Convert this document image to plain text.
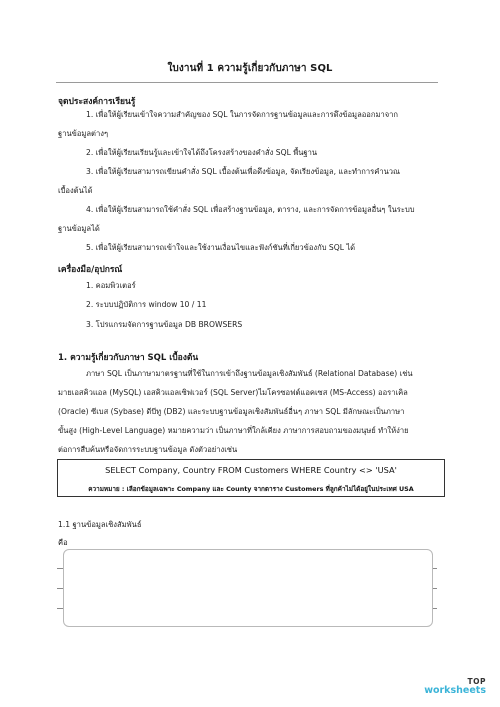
ใบงานที่ 1 ความรู้เกี่ยวกับภาษา SQL
จุดประสงค์การเรียนรู้
1. เพื่อให้ผู้เรียนเข้าใจความสำคัญของ SQL ในการจัดการฐานข้อมูลและการดึงข้อมูลออกมาจาก
ฐานข้อมูลต่างๆ
2. เพื่อให้ผู้เรียนเรียนรู้และเข้าใจได้ถึงโครงสร้างของคำสั่ง SQL พื้นฐาน
3. เพื่อให้ผู้เรียนสามารถเขียนคำสั่ง SQL เบื้องต้นเพื่อดึงข้อมูล, จัดเรียงข้อมูล, และทำการคำนวณ
เบื้องต้นได้
4. เพื่อให้ผู้เรียนสามารถใช้คำสั่ง SQL เพื่อสร้างฐานข้อมูล, ตาราง, และการจัดการข้อมูลอื่นๆ ในระบบ
ฐานข้อมูลได้
5. เพื่อให้ผู้เรียนสามารถเข้าใจและใช้งานเงื่อนไขและฟังก์ชันที่เกี่ยวข้องกับ SQL ได้
เครื่องมือ/อุปกรณ์
1. คอมพิวเตอร์
2. ระบบปฏิบัติการ window 10 / 11
3. โปรแกรมจัดการฐานข้อมูล DB BROWSERS
1. ความรู้เกี่ยวกับภาษา SQL เบื้องต้น
ภาษา SQL เป็นภาษามาตรฐานที่ใช้ในการเข้าถึงฐานข้อมูลเชิงสัมพันธ์ (Relational Database) เช่น
มายเอสคิวแอล (MySQL) เอสคิวแอลเซิฟเวอร์ (SQL Server)ไมโครซอฟต์แอคเซส (MS-Access) ออราเคิล
(Oracle) ซีเบส (Sybase) ดีบีทู (DB2) และระบบฐานข้อมูลเชิงสัมพันธ์อื่นๆ ภาษา SQL มีลักษณะเป็นภาษา
ขั้นสูง (High-Level Language) หมายความว่า เป็นภาษาที่ใกล้เคียง ภาษาการสอบถามของมนุษย์ ทำให้ง่าย
ต่อการสืบค้นหรือจัดการระบบฐานข้อมูล ดังตัวอย่างเช่น
SELECT Company, Country FROM Customers WHERE Country <> 'USA'
ความหมาย : เลือกข้อมูลเฉพาะ Company และ County จากตาราง Customers ที่ลูกค้าไม่ได้อยู่ในประเทศ USA
1.1 ฐานข้อมูลเชิงสัมพันธ์
คือ
TOP
worksheets
